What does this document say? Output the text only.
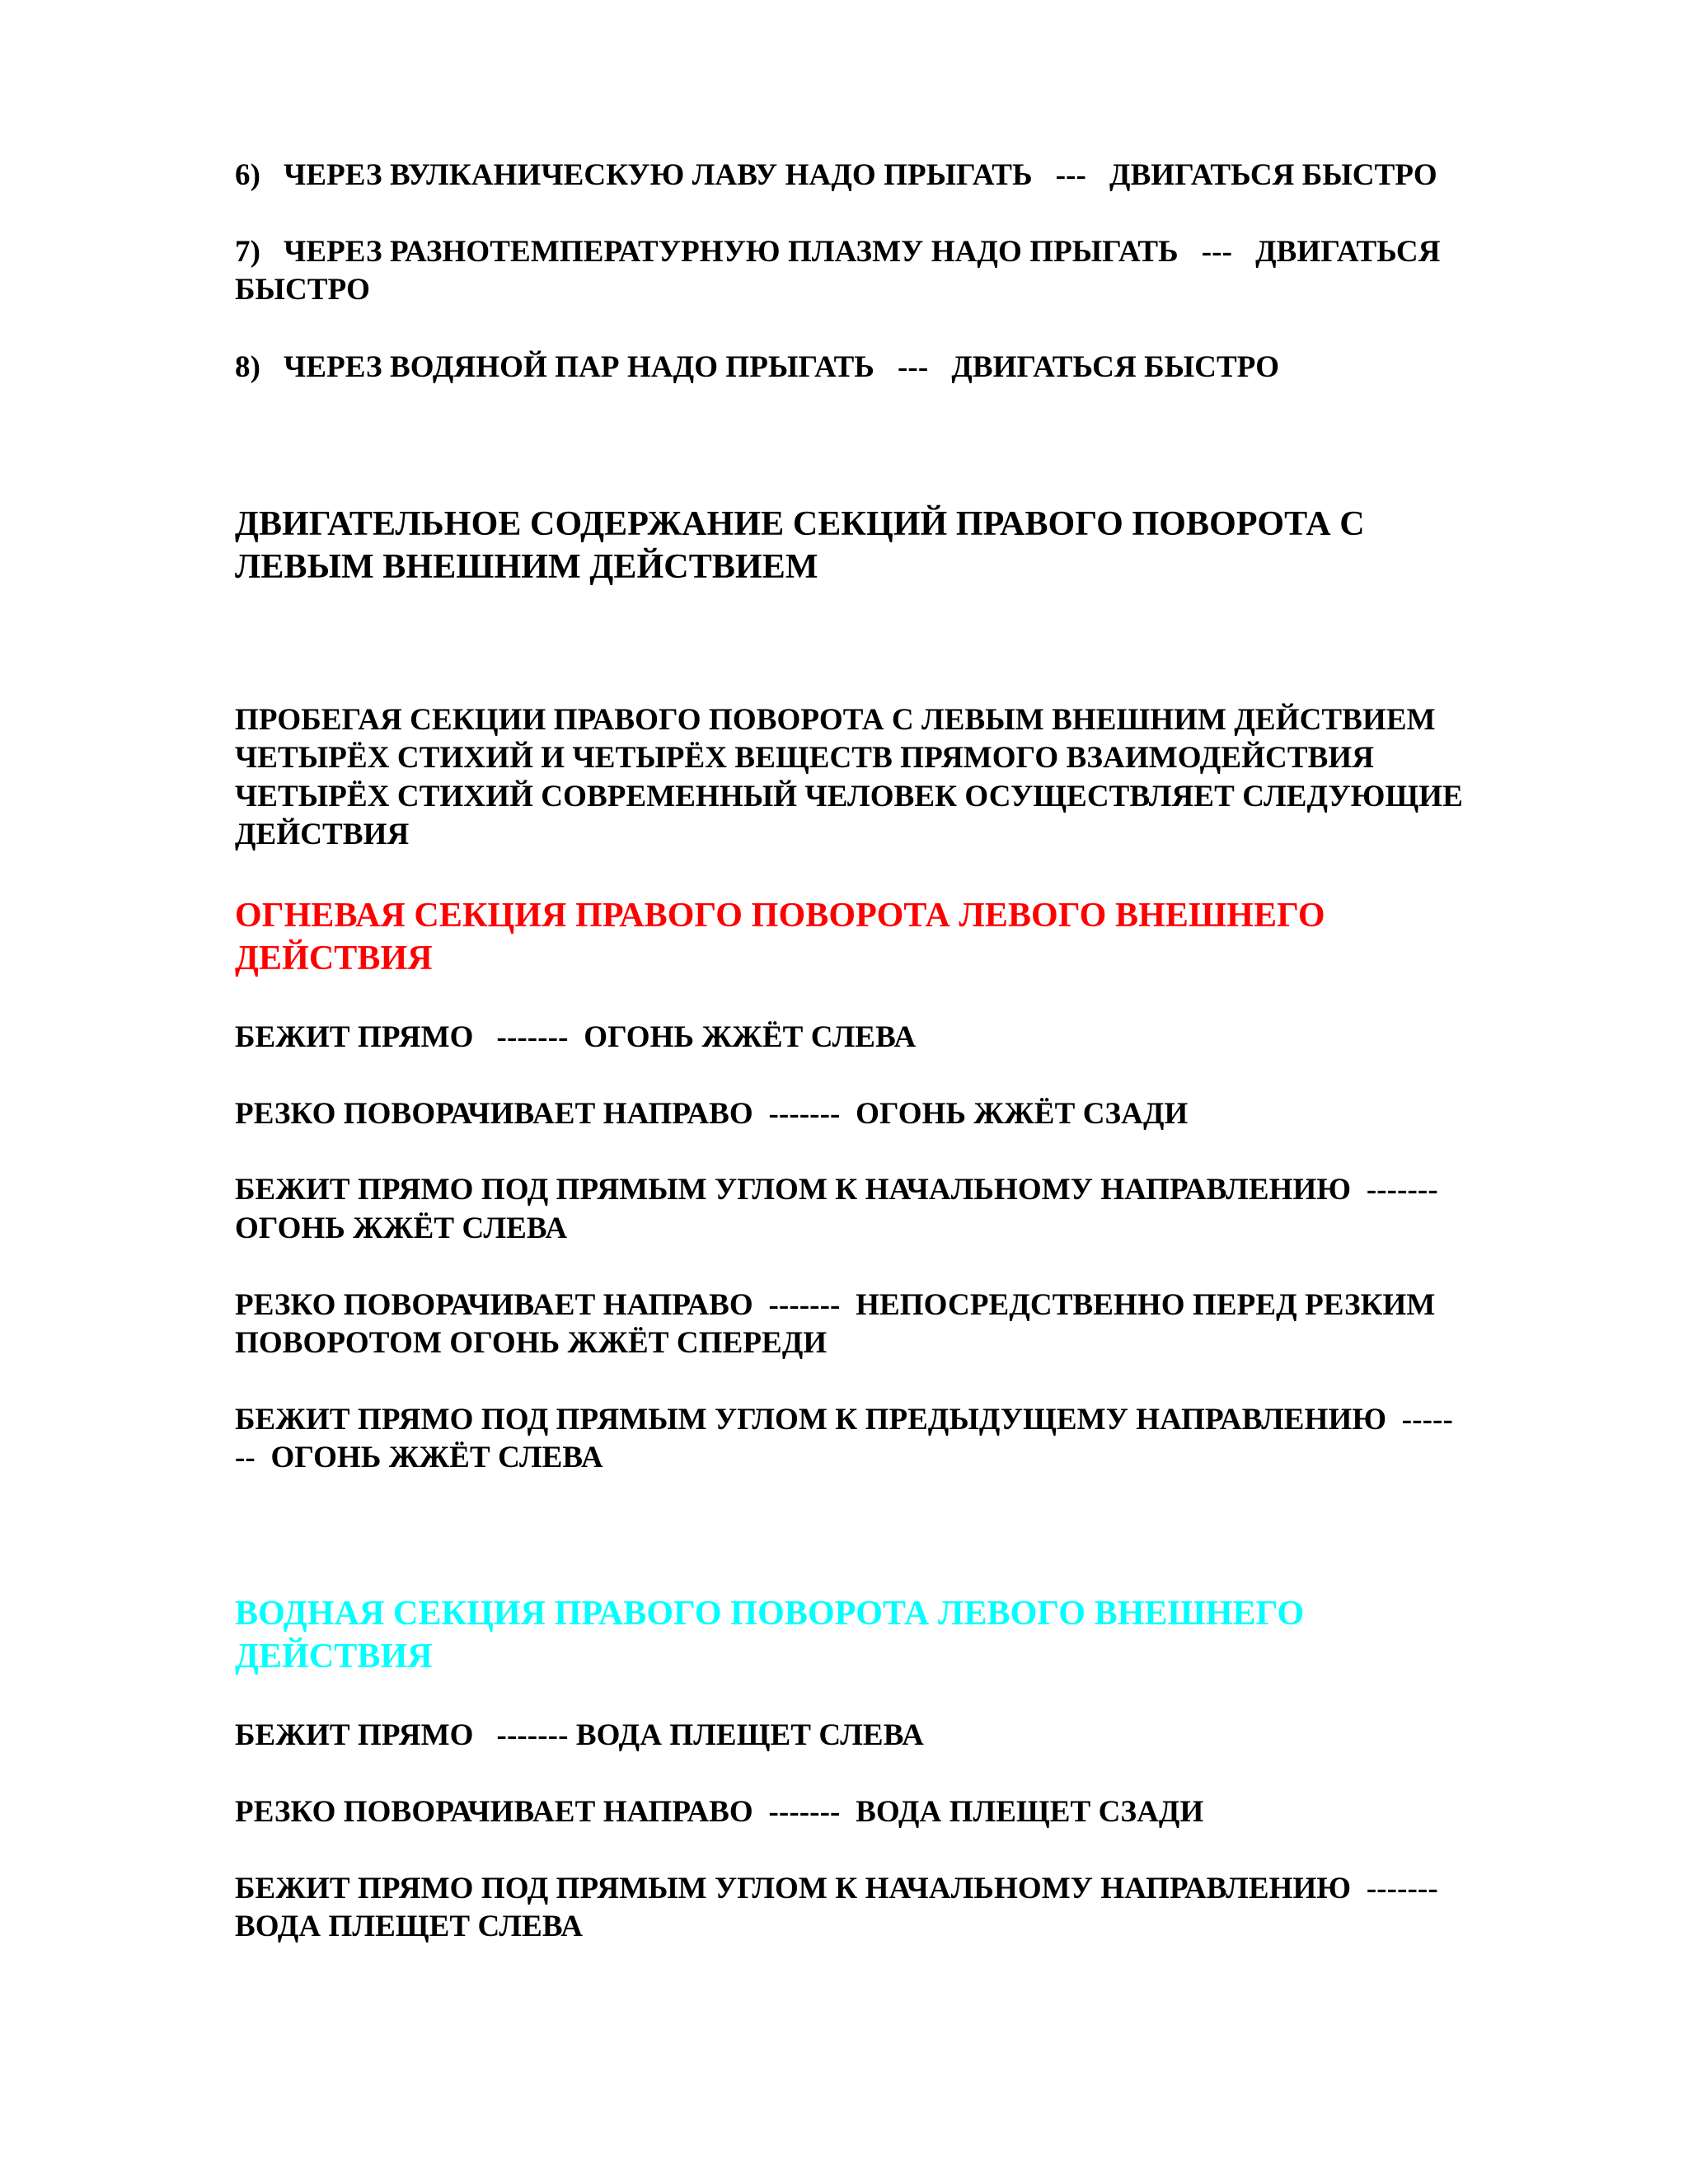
6)   ЧЕРЕЗ ВУЛКАНИЧЕСКУЮ ЛАВУ НАДО ПРЫГАТЬ   ---   ДВИГАТЬСЯ БЫСТРО

7)   ЧЕРЕЗ РАЗНОТЕМПЕРАТУРНУЮ ПЛАЗМУ НАДО ПРЫГАТЬ   ---   ДВИГАТЬСЯ

БЫСТРО

8)   ЧЕРЕЗ ВОДЯНОЙ ПАР НАДО ПРЫГАТЬ   ---   ДВИГАТЬСЯ БЫСТРО

ДВИГАТЕЛЬНОЕ СОДЕРЖАНИЕ СЕКЦИЙ ПРАВОГО ПОВОРОТА С

ЛЕВЫМ ВНЕШНИМ ДЕЙСТВИЕМ

ПРОБЕГАЯ СЕКЦИИ ПРАВОГО ПОВОРОТА С ЛЕВЫМ ВНЕШНИМ ДЕЙСТВИЕМ

ЧЕТЫРЁХ СТИХИЙ И ЧЕТЫРЁХ ВЕЩЕСТВ ПРЯМОГО ВЗАИМОДЕЙСТВИЯ

ЧЕТЫРЁХ СТИХИЙ СОВРЕМЕННЫЙ ЧЕЛОВЕК ОСУЩЕСТВЛЯЕТ СЛЕДУЮЩИЕ

ДЕЙСТВИЯ

ОГНЕВАЯ СЕКЦИЯ ПРАВОГО ПОВОРОТА ЛЕВОГО ВНЕШНЕГО

ДЕЙСТВИЯ

БЕЖИТ ПРЯМО   -------  ОГОНЬ ЖЖЁТ СЛЕВА

РЕЗКО ПОВОРАЧИВАЕТ НАПРАВО  -------  ОГОНЬ ЖЖЁТ СЗАДИ

БЕЖИТ ПРЯМО ПОД ПРЯМЫМ УГЛОМ К НАЧАЛЬНОМУ НАПРАВЛЕНИЮ  -------

ОГОНЬ ЖЖЁТ СЛЕВА

РЕЗКО ПОВОРАЧИВАЕТ НАПРАВО  -------  НЕПОСРЕДСТВЕННО ПЕРЕД РЕЗКИМ

ПОВОРОТОМ ОГОНЬ ЖЖЁТ СПЕРЕДИ

БЕЖИТ ПРЯМО ПОД ПРЯМЫМ УГЛОМ К ПРЕДЫДУЩЕМУ НАПРАВЛЕНИЮ  -----

--  ОГОНЬ ЖЖЁТ СЛЕВА

ВОДНАЯ СЕКЦИЯ ПРАВОГО ПОВОРОТА ЛЕВОГО ВНЕШНЕГО

ДЕЙСТВИЯ

БЕЖИТ ПРЯМО   ------- ВОДА ПЛЕЩЕТ СЛЕВА

РЕЗКО ПОВОРАЧИВАЕТ НАПРАВО  -------  ВОДА ПЛЕЩЕТ СЗАДИ

БЕЖИТ ПРЯМО ПОД ПРЯМЫМ УГЛОМ К НАЧАЛЬНОМУ НАПРАВЛЕНИЮ  -------

ВОДА ПЛЕЩЕТ СЛЕВА
